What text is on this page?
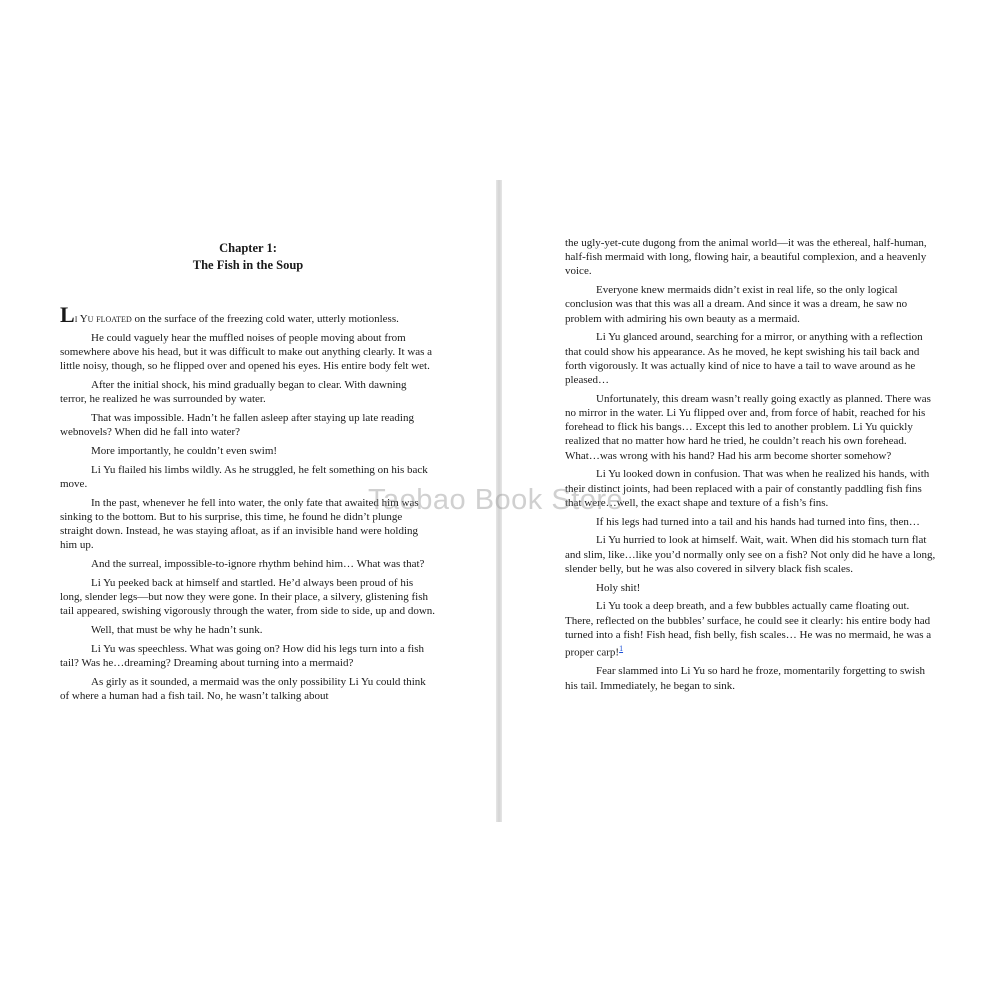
Chapter 1:
The Fish in the Soup

Li Yu floated on the surface of the freezing cold water, utterly motionless.

He could vaguely hear the muffled noises of people moving about from somewhere above his head, but it was difficult to make out anything clearly. It was a little noisy, though, so he flipped over and opened his eyes. His entire body felt wet.

After the initial shock, his mind gradually began to clear. With dawning terror, he realized he was surrounded by water.

That was impossible. Hadn’t he fallen asleep after staying up late reading webnovels? When did he fall into water?

More importantly, he couldn’t even swim!

Li Yu flailed his limbs wildly. As he struggled, he felt something on his back move.

In the past, whenever he fell into water, the only fate that awaited him was sinking to the bottom. But to his surprise, this time, he found he didn’t plunge straight down. Instead, he was staying afloat, as if an invisible hand were holding him up.

And the surreal, impossible-to-ignore rhythm behind him… What was that?

Li Yu peeked back at himself and startled. He’d always been proud of his long, slender legs—but now they were gone. In their place, a silvery, glistening fish tail appeared, swishing vigorously through the water, from side to side, up and down.

Well, that must be why he hadn’t sunk.

Li Yu was speechless. What was going on? How did his legs turn into a fish tail? Was he…dreaming? Dreaming about turning into a mermaid?

As girly as it sounded, a mermaid was the only possibility Li Yu could think of where a human had a fish tail. No, he wasn’t talking about

the ugly-yet-cute dugong from the animal world—it was the ethereal, half-human, half-fish mermaid with long, flowing hair, a beautiful complexion, and a heavenly voice.

Everyone knew mermaids didn’t exist in real life, so the only logical conclusion was that this was all a dream. And since it was a dream, he saw no problem with admiring his own beauty as a mermaid.

Li Yu glanced around, searching for a mirror, or anything with a reflection that could show his appearance. As he moved, he kept swishing his tail back and forth vigorously. It was actually kind of nice to have a tail to wave around as he pleased…

Unfortunately, this dream wasn’t really going exactly as planned. There was no mirror in the water. Li Yu flipped over and, from force of habit, reached for his forehead to flick his bangs… Except this led to another problem. Li Yu quickly realized that no matter how hard he tried, he couldn’t reach his own forehead. What…was wrong with his hand? Had his arm become shorter somehow?

Li Yu looked down in confusion. That was when he realized his hands, with their distinct joints, had been replaced with a pair of constantly paddling fish fins that were…well, the exact shape and texture of a fish’s fins.

If his legs had turned into a tail and his hands had turned into fins, then…

Li Yu hurried to look at himself. Wait, wait. When did his stomach turn flat and slim, like…like you’d normally only see on a fish? Not only did he have a long, slender belly, but he was also covered in silvery black fish scales.

Holy shit!

Li Yu took a deep breath, and a few bubbles actually came floating out. There, reflected on the bubbles’ surface, he could see it clearly: his entire body had turned into a fish! Fish head, fish belly, fish scales… He was no mermaid, he was a proper carp!$^1$

Fear slammed into Li Yu so hard he froze, momentarily forgetting to swish his tail. Immediately, he began to sink.

Taobao Book Store
